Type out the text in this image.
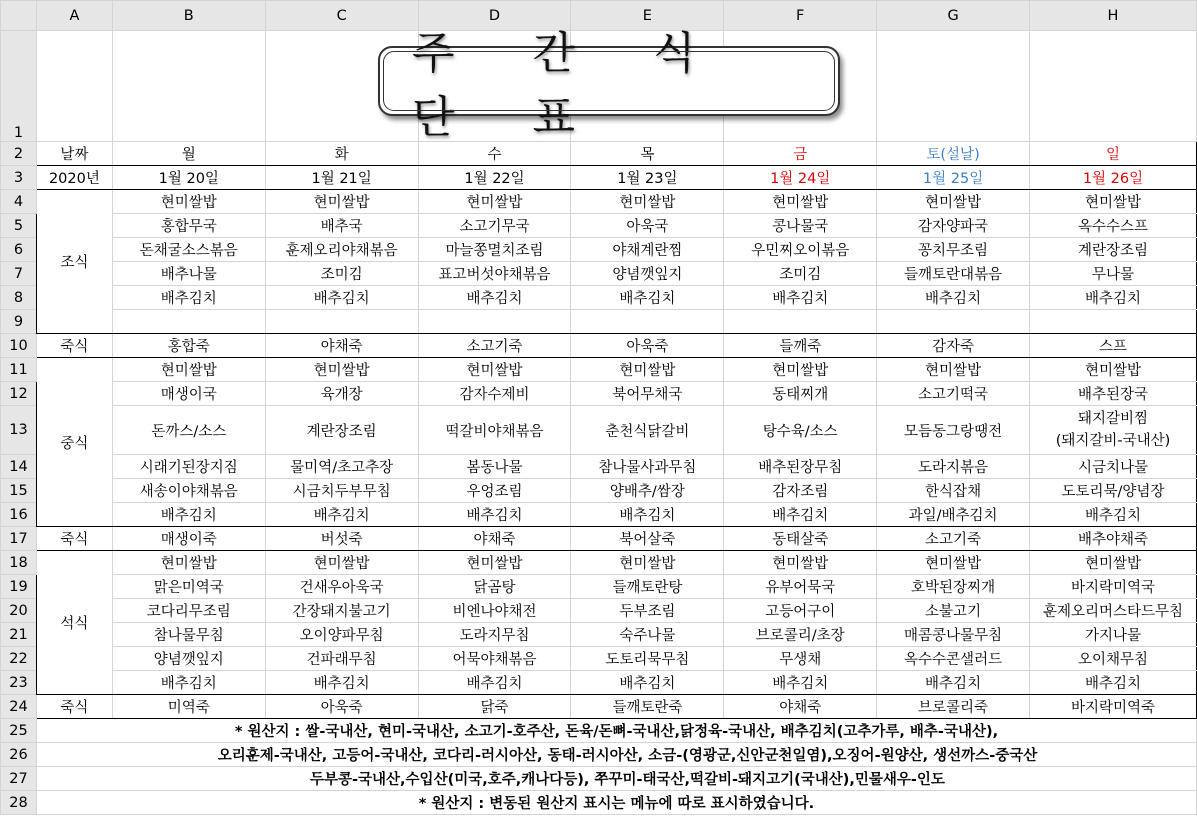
	A	B	C	D	E	F	G	H
1								
2	날짜	월	화	수	목	금	토(설날)	일
3	2020년	1월 20일	1월 21일	1월 22일	1월 23일	1월 24일	1월 25일	1월 26일
4	조식	현미쌀밥	현미쌀밥	현미쌀밥	현미쌀밥	현미쌀밥	현미쌀밥	현미쌀밥
5		홍합무국	배추국	소고기무국	아욱국	콩나물국	감자양파국	옥수수스프
6		돈채굴소스볶음	훈제오리야채볶음	마늘쫑멸치조림	야채계란찜	우민찌오이볶음	꽁치무조림	계란장조림
7		배추나물	조미김	표고버섯야채볶음	양념깻잎지	조미김	들깨토란대볶음	무나물
8		배추김치	배추김치	배추김치	배추김치	배추김치	배추김치	배추김치
9								
10	죽식	홍합죽	야채죽	소고기죽	아욱죽	들깨죽	감자죽	스프
11	중식	현미쌀밥	현미쌀밥	현미쌀밥	현미쌀밥	현미쌀밥	현미쌀밥	현미쌀밥
12		매생이국	육개장	감자수제비	북어무채국	동태찌개	소고기떡국	배추된장국
13		돈까스/소스	계란장조림	떡갈비야채볶음	춘천식닭갈비	탕수육/소스	모듬동그랑땡전	돼지갈비찜
(돼지갈비-국내산)

14		시래기된장지짐	물미역/초고추장	봄동나물	참나물사과무침	배추된장무침	도라지볶음	시금치나물
15		새송이야채볶음	시금치두부무침	우엉조림	양배추/쌈장	감자조림	한식잡채	도토리묵/양념장
16		배추김치	배추김치	배추김치	배추김치	배추김치	과일/배추김치	배추김치
17	죽식	매생이죽	버섯죽	야채죽	북어살죽	동태살죽	소고기죽	배추야채죽
18	석식	현미쌀밥	현미쌀밥	현미쌀밥	현미쌀밥	현미쌀밥	현미쌀밥	현미쌀밥
19		맑은미역국	건새우아욱국	닭곰탕	들깨토란탕	유부어묵국	호박된장찌개	바지락미역국
20		코다리무조림	간장돼지불고기	비엔나야채전	두부조림	고등어구이	소불고기	훈제오리머스타드무침
21		참나물무침	오이양파무침	도라지무침	숙주나물	브로콜리/초장	매콤콩나물무침	가지나물
22		양념깻잎지	건파래무침	어묵야채볶음	도토리묵무침	무생채	옥수수콘샐러드	오이채무침
23		배추김치	배추김치	배추김치	배추김치	배추김치	배추김치	배추김치
24	죽식	미역죽	아욱죽	닭죽	들깨토란죽	야채죽	브로콜리죽	바지락미역죽
25	* 원산지 : 쌀-국내산, 현미-국내산, 소고기-호주산, 돈육/돈뼈-국내산,닭정육-국내산, 배추김치(고추가루, 배추-국내산),							
26	오리훈제-국내산, 고등어-국내산, 코다리-러시아산, 동태-러시아산, 소금-(영광군,신안군천일염),오징어-원양산, 생선까스-중국산							
27	두부콩-국내산,수입산(미국,호주,캐나다등), 쭈꾸미-태국산,떡갈비-돼지고기(국내산),민물새우-인도							
28	* 원산지 : 변동된 원산지 표시는 메뉴에 따로 표시하였습니다.							
주 간 식 단 표
